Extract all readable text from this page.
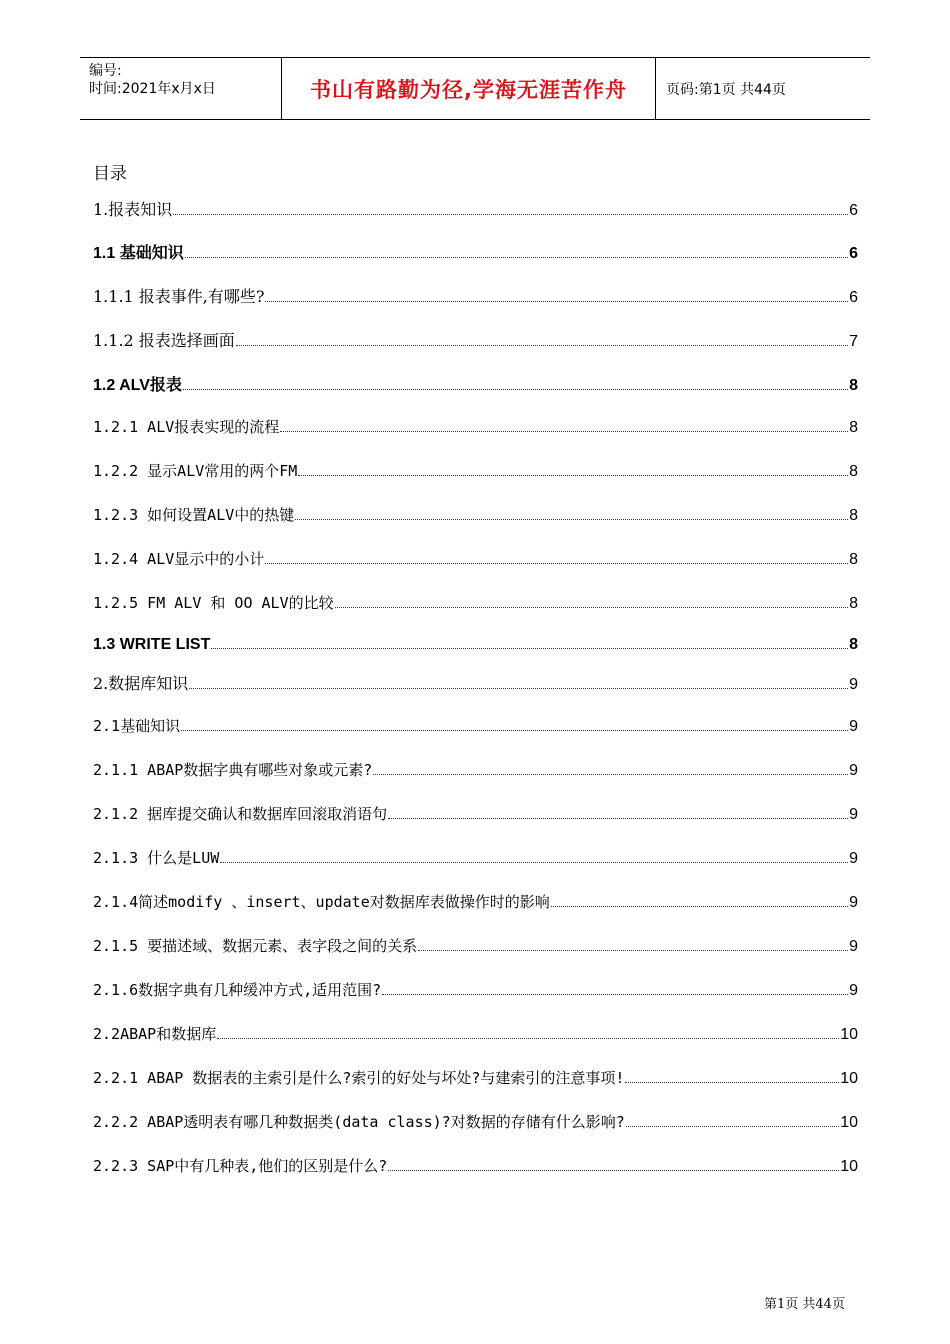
编号:
时间:2021年x月x日	书山有路勤为径,学海无涯苦作舟	页码:第1页 共44页
目录
1.报表知识	6
1.1 基础知识	6
1.1.1 报表事件,有哪些?	6
1.1.2 报表选择画面	7
1.2 ALV报表	8
1.2.1 ALV报表实现的流程	8
1.2.2 显示ALV常用的两个FM	8
1.2.3 如何设置ALV中的热键	8
1.2.4 ALV显示中的小计	8
1.2.5 FM ALV 和 OO ALV的比较	8
1.3 WRITE LIST	8
2.数据库知识	9
2.1基础知识	9
2.1.1 ABAP数据字典有哪些对象或元素?	9
2.1.2 据库提交确认和数据库回滚取消语句	9
2.1.3 什么是LUW	9
2.1.4简述modify 、insert、update对数据库表做操作时的影响	9
2.1.5 要描述域、数据元素、表字段之间的关系	9
2.1.6数据字典有几种缓冲方式,适用范围?	9
2.2ABAP和数据库	10
2.2.1 ABAP 数据表的主索引是什么?索引的好处与坏处?与建索引的注意事项!	10
2.2.2 ABAP透明表有哪几种数据类(data class)?对数据的存储有什么影响?	10
2.2.3 SAP中有几种表,他们的区别是什么?	10
第1页 共44页
